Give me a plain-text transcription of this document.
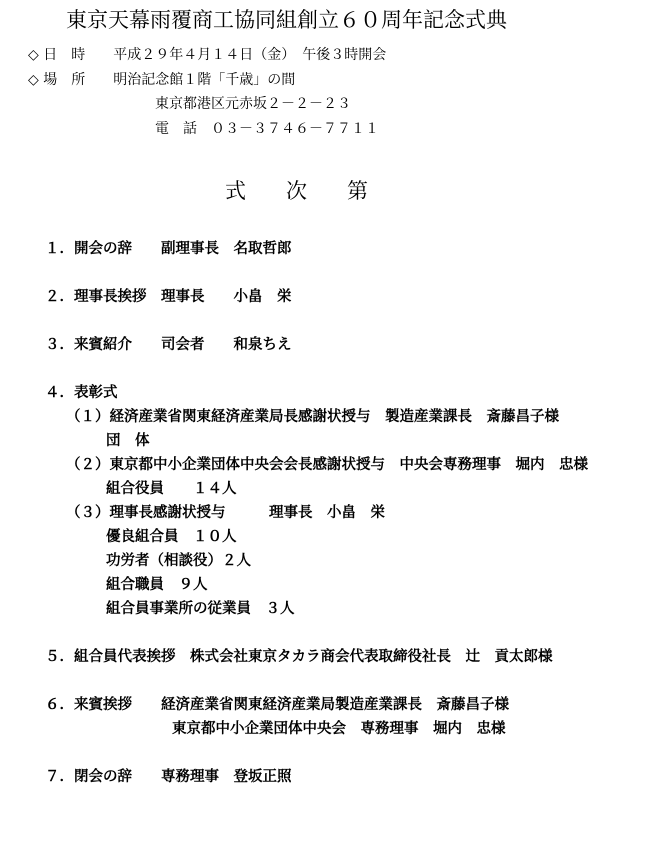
東京天幕雨覆商工協同組創立６０周年記念式典
◇ 日　時　　平成２９年４月１４日（金）　午後３時開会
◇ 場　所　　明治記念館１階「千歳」の間
東京都港区元赤坂２－２－２３
電　話　０３－３７４６－７７１１
式次第
１．開会の辞　　副理事長　名取哲郎
２．理事長挨拶　理事長　　小畠　栄
３．来賓紹介　　司会者　　和泉ちえ
４．表彰式
（１）経済産業省関東経済産業局長感謝状授与　製造産業課長　斎藤昌子様
団　体
（２）東京都中小企業団体中央会会長感謝状授与　中央会専務理事　堀内　忠様
組合役員　　１４人
（３）理事長感謝状授与　　　理事長　小畠　栄
優良組合員　１０人
功労者（相談役）２人
組合職員　９人
組合員事業所の従業員　３人
５．組合員代表挨拶　株式会社東京タカラ商会代表取締役社長　辻　貢太郎様
６．来賓挨拶　　経済産業省関東経済産業局製造産業課長　斎藤昌子様
東京都中小企業団体中央会　専務理事　堀内　忠様
７．閉会の辞　　専務理事　登坂正照
